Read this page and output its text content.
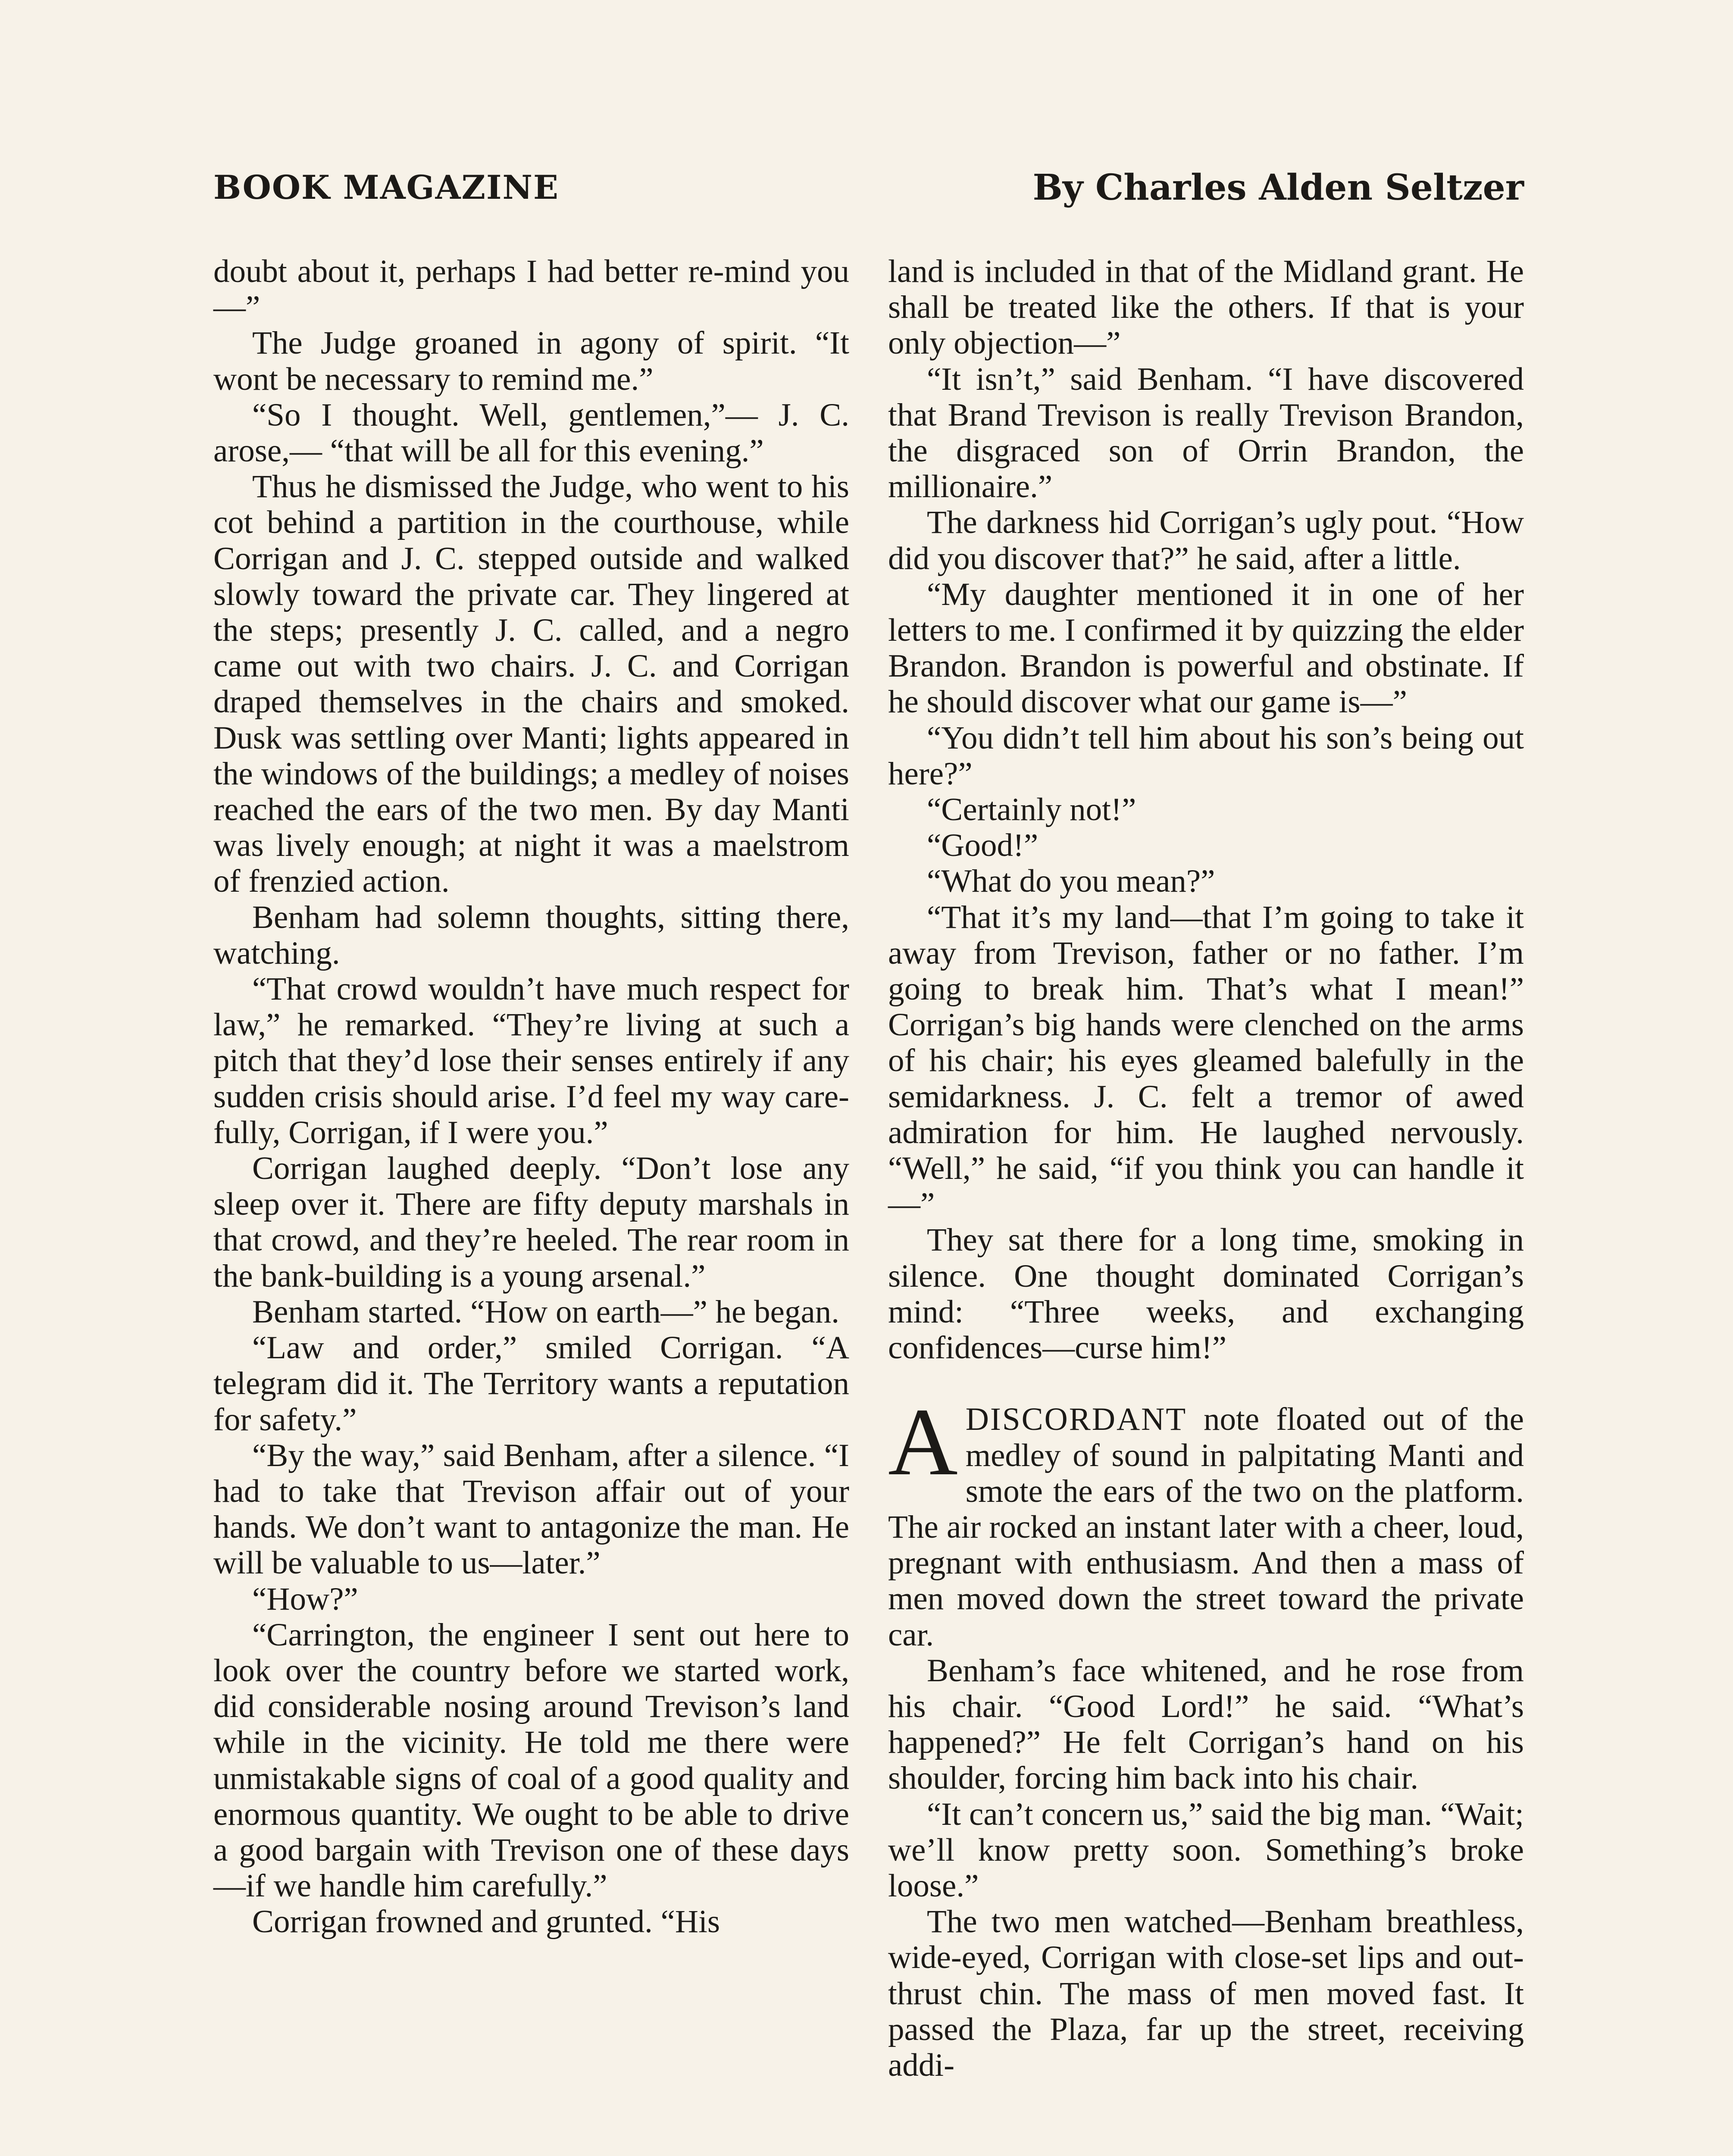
BOOK MAGAZINE	By Charles Alden Seltzer

doubt about it, perhaps I had better re-mind you—”

The Judge groaned in agony of spirit. “It wont be necessary to remind me.”

“So I thought. Well, gentlemen,”— J. C. arose,— “that will be all for this evening.”

Thus he dismissed the Judge, who went to his cot behind a partition in the courthouse, while Corrigan and J. C. stepped outside and walked slowly toward the private car. They lingered at the steps; presently J. C. called, and a negro came out with two chairs. J. C. and Corrigan draped themselves in the chairs and smoked. Dusk was settling over Manti; lights appeared in the windows of the buildings; a medley of noises reached the ears of the two men. By day Manti was lively enough; at night it was a maelstrom of frenzied action.

Benham had solemn thoughts, sitting there, watching.

“That crowd wouldn’t have much respect for law,” he remarked. “They’re living at such a pitch that they’d lose their senses entirely if any sudden crisis should arise. I’d feel my way carefully, Corrigan, if I were you.”

Corrigan laughed deeply. “Don’t lose any sleep over it. There are fifty deputy marshals in that crowd, and they’re heeled. The rear room in the bank-building is a young arsenal.”

Benham started. “How on earth—” he began.

“Law and order,” smiled Corrigan. “A telegram did it. The Territory wants a reputation for safety.”

“By the way,” said Benham, after a silence. “I had to take that Trevison affair out of your hands. We don’t want to antagonize the man. He will be valuable to us—later.”

“How?”

“Carrington, the engineer I sent out here to look over the country before we started work, did considerable nosing around Trevison’s land while in the vicinity. He told me there were unmistakable signs of coal of a good quality and enormous quantity. We ought to be able to drive a good bargain with Trevison one of these days—if we handle him carefully.”

Corrigan frowned and grunted. “His

land is included in that of the Midland grant. He shall be treated like the others. If that is your only objection—”

“It isn’t,” said Benham. “I have discovered that Brand Trevison is really Trevison Brandon, the disgraced son of Orrin Brandon, the millionaire.”

The darkness hid Corrigan’s ugly pout. “How did you discover that?” he said, after a little.

“My daughter mentioned it in one of her letters to me. I confirmed it by quizzing the elder Brandon. Brandon is powerful and obstinate. If he should discover what our game is—”

“You didn’t tell him about his son’s being out here?”

“Certainly not!”

“Good!”

“What do you mean?”

“That it’s my land—that I’m going to take it away from Trevison, father or no father. I’m going to break him. That’s what I mean!” Corrigan’s big hands were clenched on the arms of his chair; his eyes gleamed balefully in the semidarkness. J. C. felt a tremor of awed admiration for him. He laughed nervously. “Well,” he said, “if you think you can handle it—”

They sat there for a long time, smoking in silence. One thought dominated Corrigan’s mind: “Three weeks, and exchanging confidences—curse him!”

ADISCORDANT note floated out of the medley of sound in palpitating Manti and smote the ears of the two on the platform. The air rocked an instant later with a cheer, loud, pregnant with enthusiasm. And then a mass of men moved down the street toward the private car.

Benham’s face whitened, and he rose from his chair. “Good Lord!” he said. “What’s happened?” He felt Corrigan’s hand on his shoulder, forcing him back into his chair.

“It can’t concern us,” said the big man. “Wait; we’ll know pretty soon. Something’s broke loose.”

The two men watched—Benham breathless, wide-eyed, Corrigan with close-set lips and out-thrust chin. The mass of men moved fast. It passed the Plaza, far up the street, receiving addi-
